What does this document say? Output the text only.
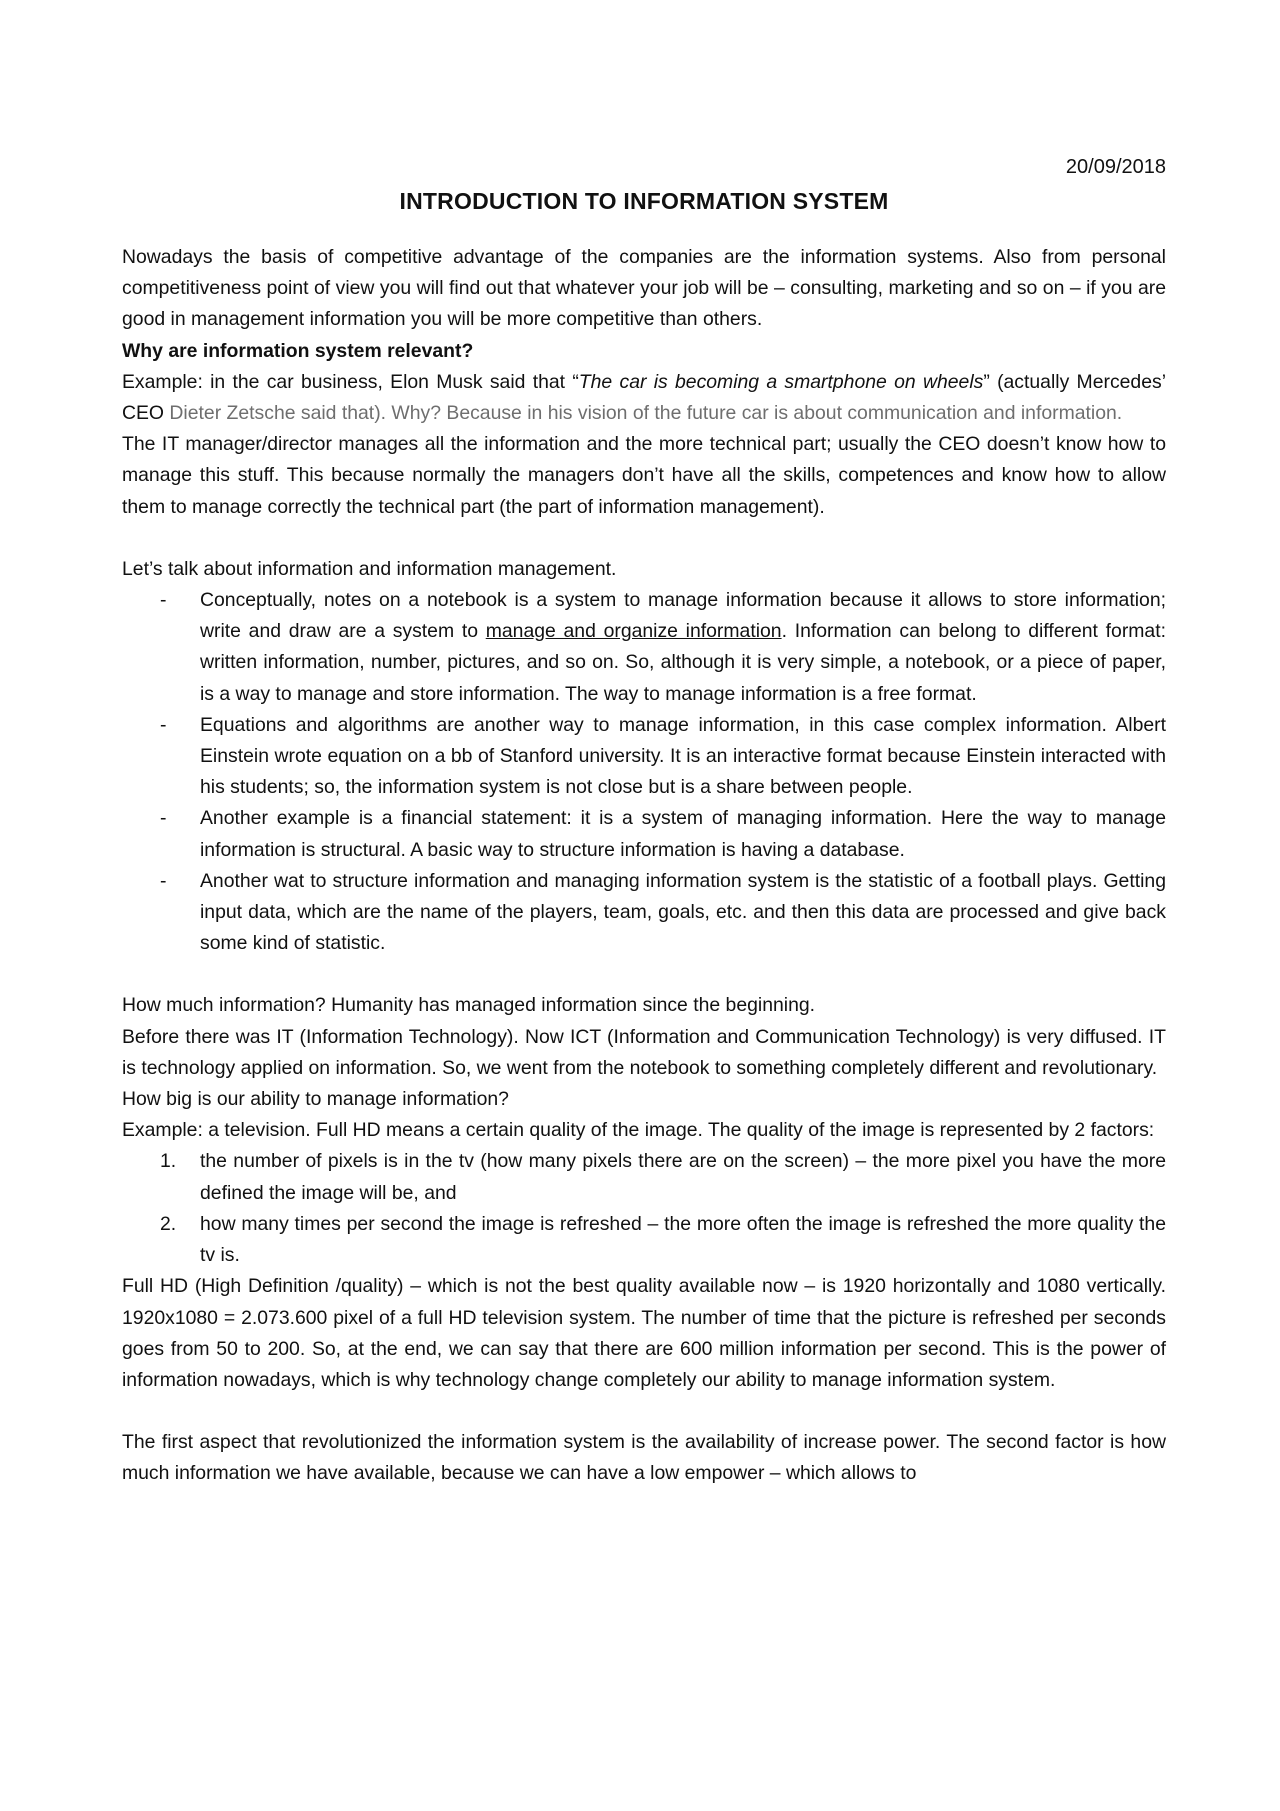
20/09/2018
INTRODUCTION TO INFORMATION SYSTEM

Nowadays the basis of competitive advantage of the companies are the information systems. Also from personal competitiveness point of view you will find out that whatever your job will be – consulting, marketing and so on – if you are good in management information you will be more competitive than others.

Why are information system relevant?

Example: in the car business, Elon Musk said that “The car is becoming a smartphone on wheels” (actually Mercedes’ CEO Dieter Zetsche said that). Why? Because in his vision of the future car is about communication and information.

The IT manager/director manages all the information and the more technical part; usually the CEO doesn’t know how to manage this stuff. This because normally the managers don’t have all the skills, competences and know how to allow them to manage correctly the technical part (the part of information management).

Let’s talk about information and information management.

- Conceptually, notes on a notebook is a system to manage information because it allows to store information; write and draw are a system to manage and organize information. Information can belong to different format: written information, number, pictures, and so on. So, although it is very simple, a notebook, or a piece of paper, is a way to manage and store information. The way to manage information is a free format.
- Equations and algorithms are another way to manage information, in this case complex information. Albert Einstein wrote equation on a bb of Stanford university. It is an interactive format because Einstein interacted with his students; so, the information system is not close but is a share between people.
- Another example is a financial statement: it is a system of managing information. Here the way to manage information is structural. A basic way to structure information is having a database.
- Another wat to structure information and managing information system is the statistic of a football plays. Getting input data, which are the name of the players, team, goals, etc. and then this data are processed and give back some kind of statistic.

How much information? Humanity has managed information since the beginning.

Before there was IT (Information Technology). Now ICT (Information and Communication Technology) is very diffused. IT is technology applied on information. So, we went from the notebook to something completely different and revolutionary.

How big is our ability to manage information?

Example: a television. Full HD means a certain quality of the image. The quality of the image is represented by 2 factors:

1. the number of pixels is in the tv (how many pixels there are on the screen) – the more pixel you have the more defined the image will be, and
2. how many times per second the image is refreshed – the more often the image is refreshed the more quality the tv is.

Full HD (High Definition /quality) – which is not the best quality available now – is 1920 horizontally and 1080 vertically. 1920x1080 = 2.073.600 pixel of a full HD television system. The number of time that the picture is refreshed per seconds goes from 50 to 200. So, at the end, we can say that there are 600 million information per second. This is the power of information nowadays, which is why technology change completely our ability to manage information system.

The first aspect that revolutionized the information system is the availability of increase power. The second factor is how much information we have available, because we can have a low empower – which allows to
